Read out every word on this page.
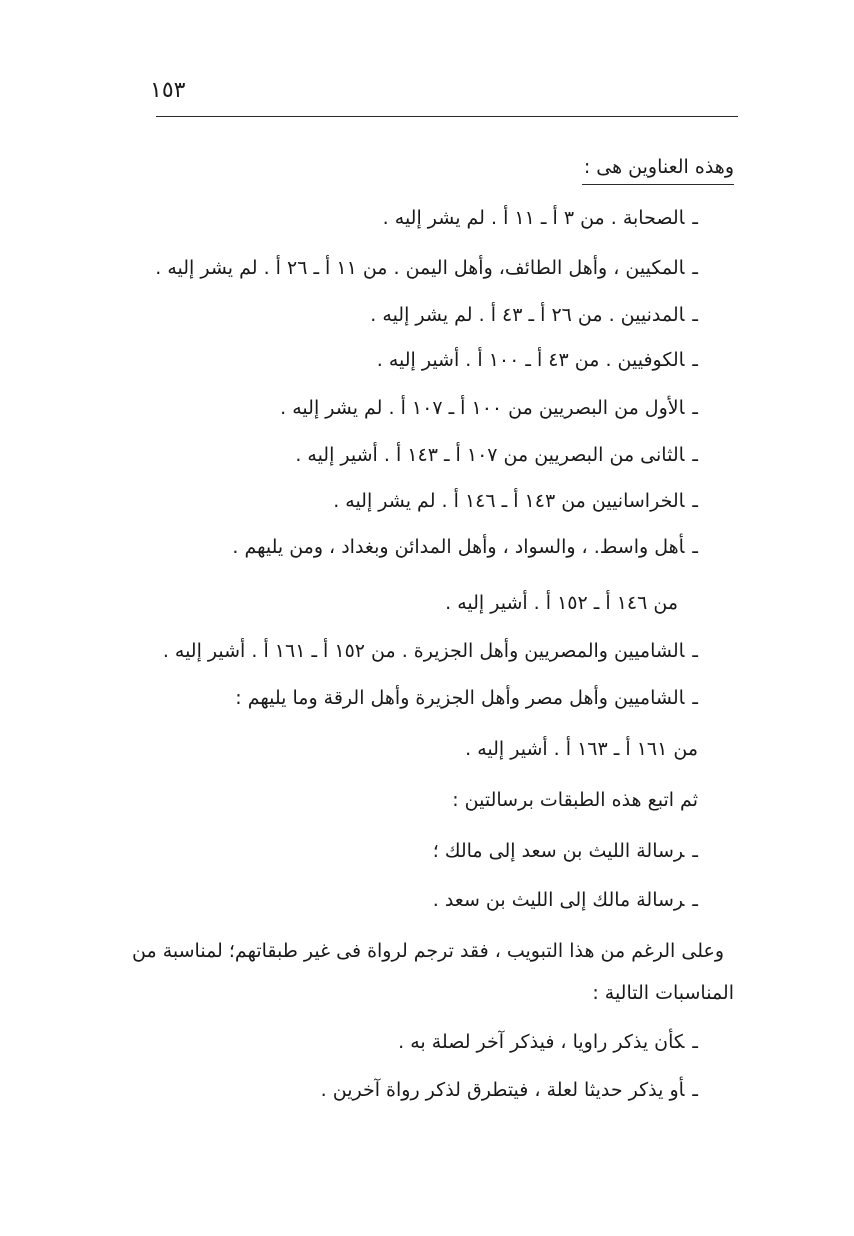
١٥٣
وهذه العناوين هى :
ـالصحابة . من ٣ أ ـ ١١ أ . لم يشر إليه .
ـالمكيين ، وأهل الطائف، وأهل اليمن . من ١١ أ ـ ٢٦ أ . لم يشر إليه .
ـالمدنيين . من ٢٦ أ ـ ٤٣ أ . لم يشر إليه .
ـالكوفيين . من ٤٣ أ ـ ١٠٠ أ . أشير إليه .
ـالأول من البصريين من ١٠٠ أ ـ ١٠٧ أ . لم يشر إليه .
ـالثانى من البصريين من ١٠٧ أ ـ ١٤٣ أ . أشير إليه .
ـالخراسانيين من ١٤٣ أ ـ ١٤٦ أ . لم يشر إليه .
ـأهل واسط. ، والسواد ، وأهل المدائن وبغداد ، ومن يليهم .
من ١٤٦ أ ـ ١٥٢ أ . أشير إليه .
ـالشاميين والمصريين وأهل الجزيرة . من ١٥٢ أ ـ ١٦١ أ . أشير إليه .
ـالشاميين وأهل مصر وأهل الجزيرة وأهل الرقة وما يليهم :
من ١٦١ أ ـ ١٦٣ أ . أشير إليه .
ثم اتبع هذه الطبقات برسالتين :
ـرسالة الليث بن سعد إلى مالك ؛
ـرسالة مالك إلى الليث بن سعد .
وعلى الرغم من هذا التبويب ، فقد ترجم لرواة فى غير طبقاتهم؛ لمناسبة من
المناسبات التالية :
ـكأن يذكر راويا ، فيذكر آخر لصلة به .
ـأو يذكر حديثا لعلة ، فيتطرق لذكر رواة آخرين .
